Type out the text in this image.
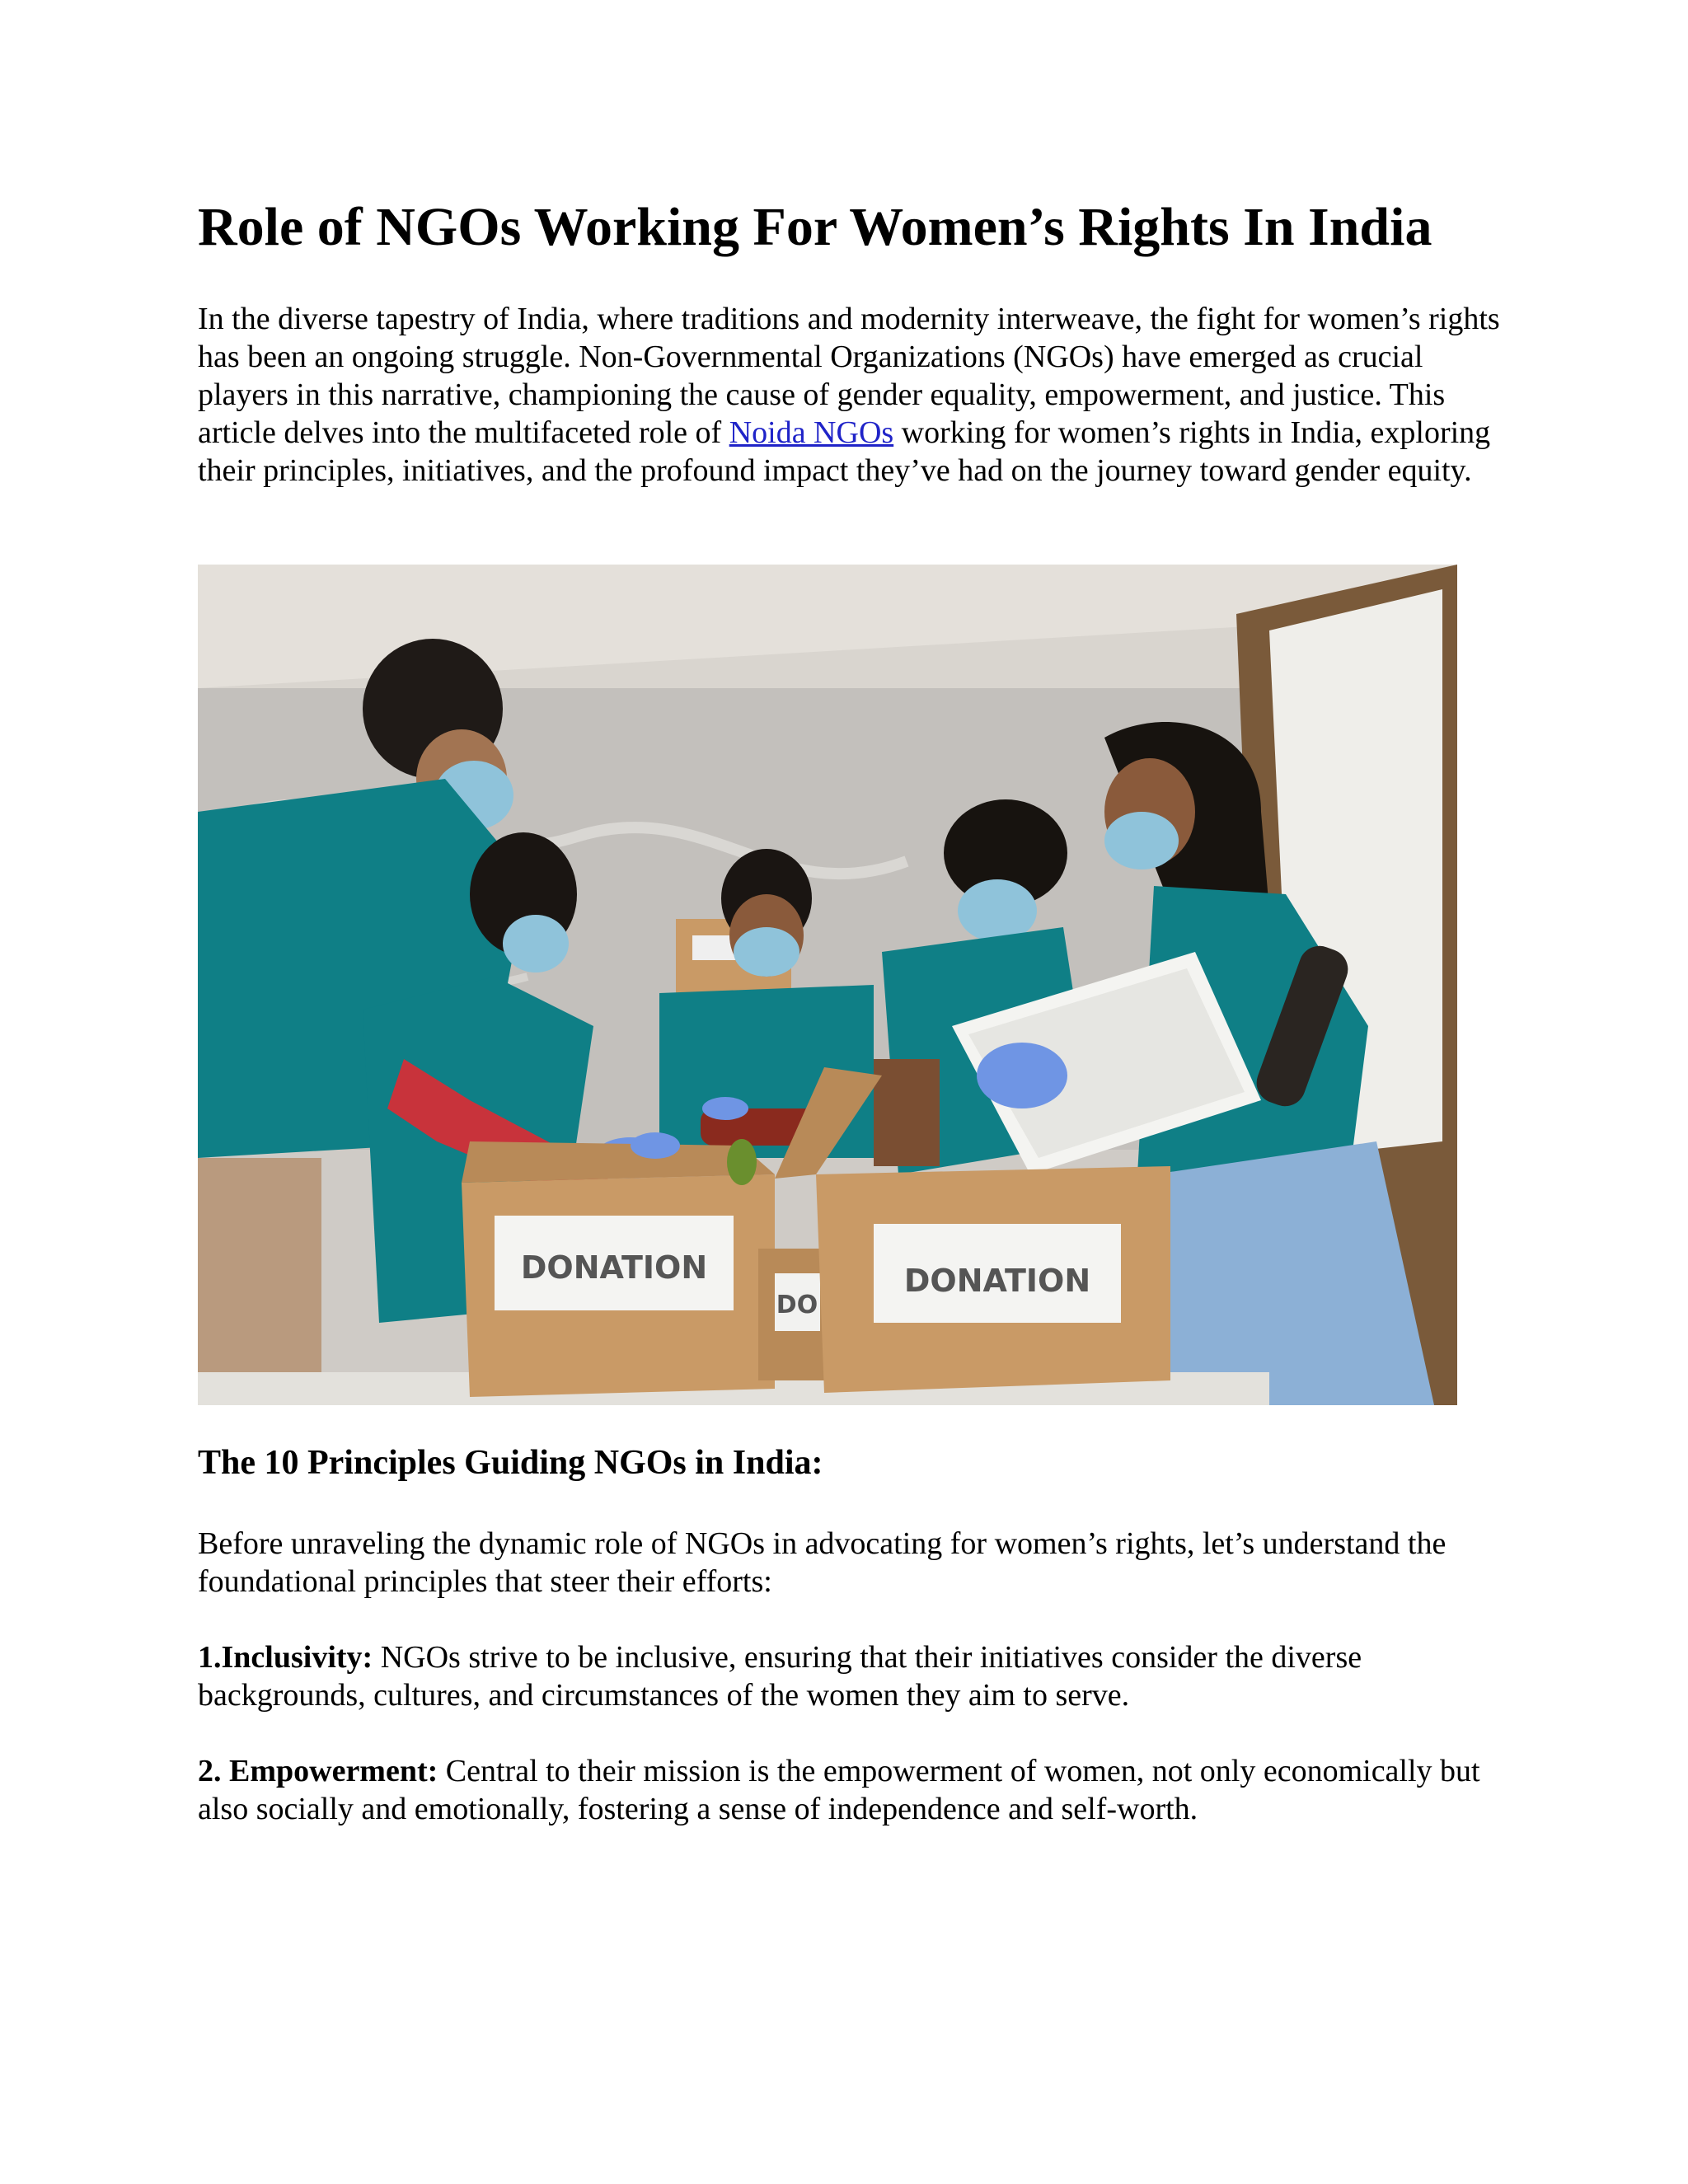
Role of NGOs Working For Women’s Rights In India

In the diverse tapestry of India, where traditions and modernity interweave, the fight for women’s rights has been an ongoing struggle. Non-Governmental Organizations (NGOs) have emerged as crucial players in this narrative, championing the cause of gender equality, empowerment, and justice. This article delves into the multifaceted role of Noida NGOs working for women’s rights in India, exploring their principles, initiatives, and the profound impact they’ve had on the journey toward gender equity.

DONATION
DO
DONATION
The 10 Principles Guiding NGOs in India:

Before unraveling the dynamic role of NGOs in advocating for women’s rights, let’s understand the foundational principles that steer their efforts:

1.Inclusivity: NGOs strive to be inclusive, ensuring that their initiatives consider the diverse backgrounds, cultures, and circumstances of the women they aim to serve.

2. Empowerment: Central to their mission is the empowerment of women, not only economically but also socially and emotionally, fostering a sense of independence and self-worth.
